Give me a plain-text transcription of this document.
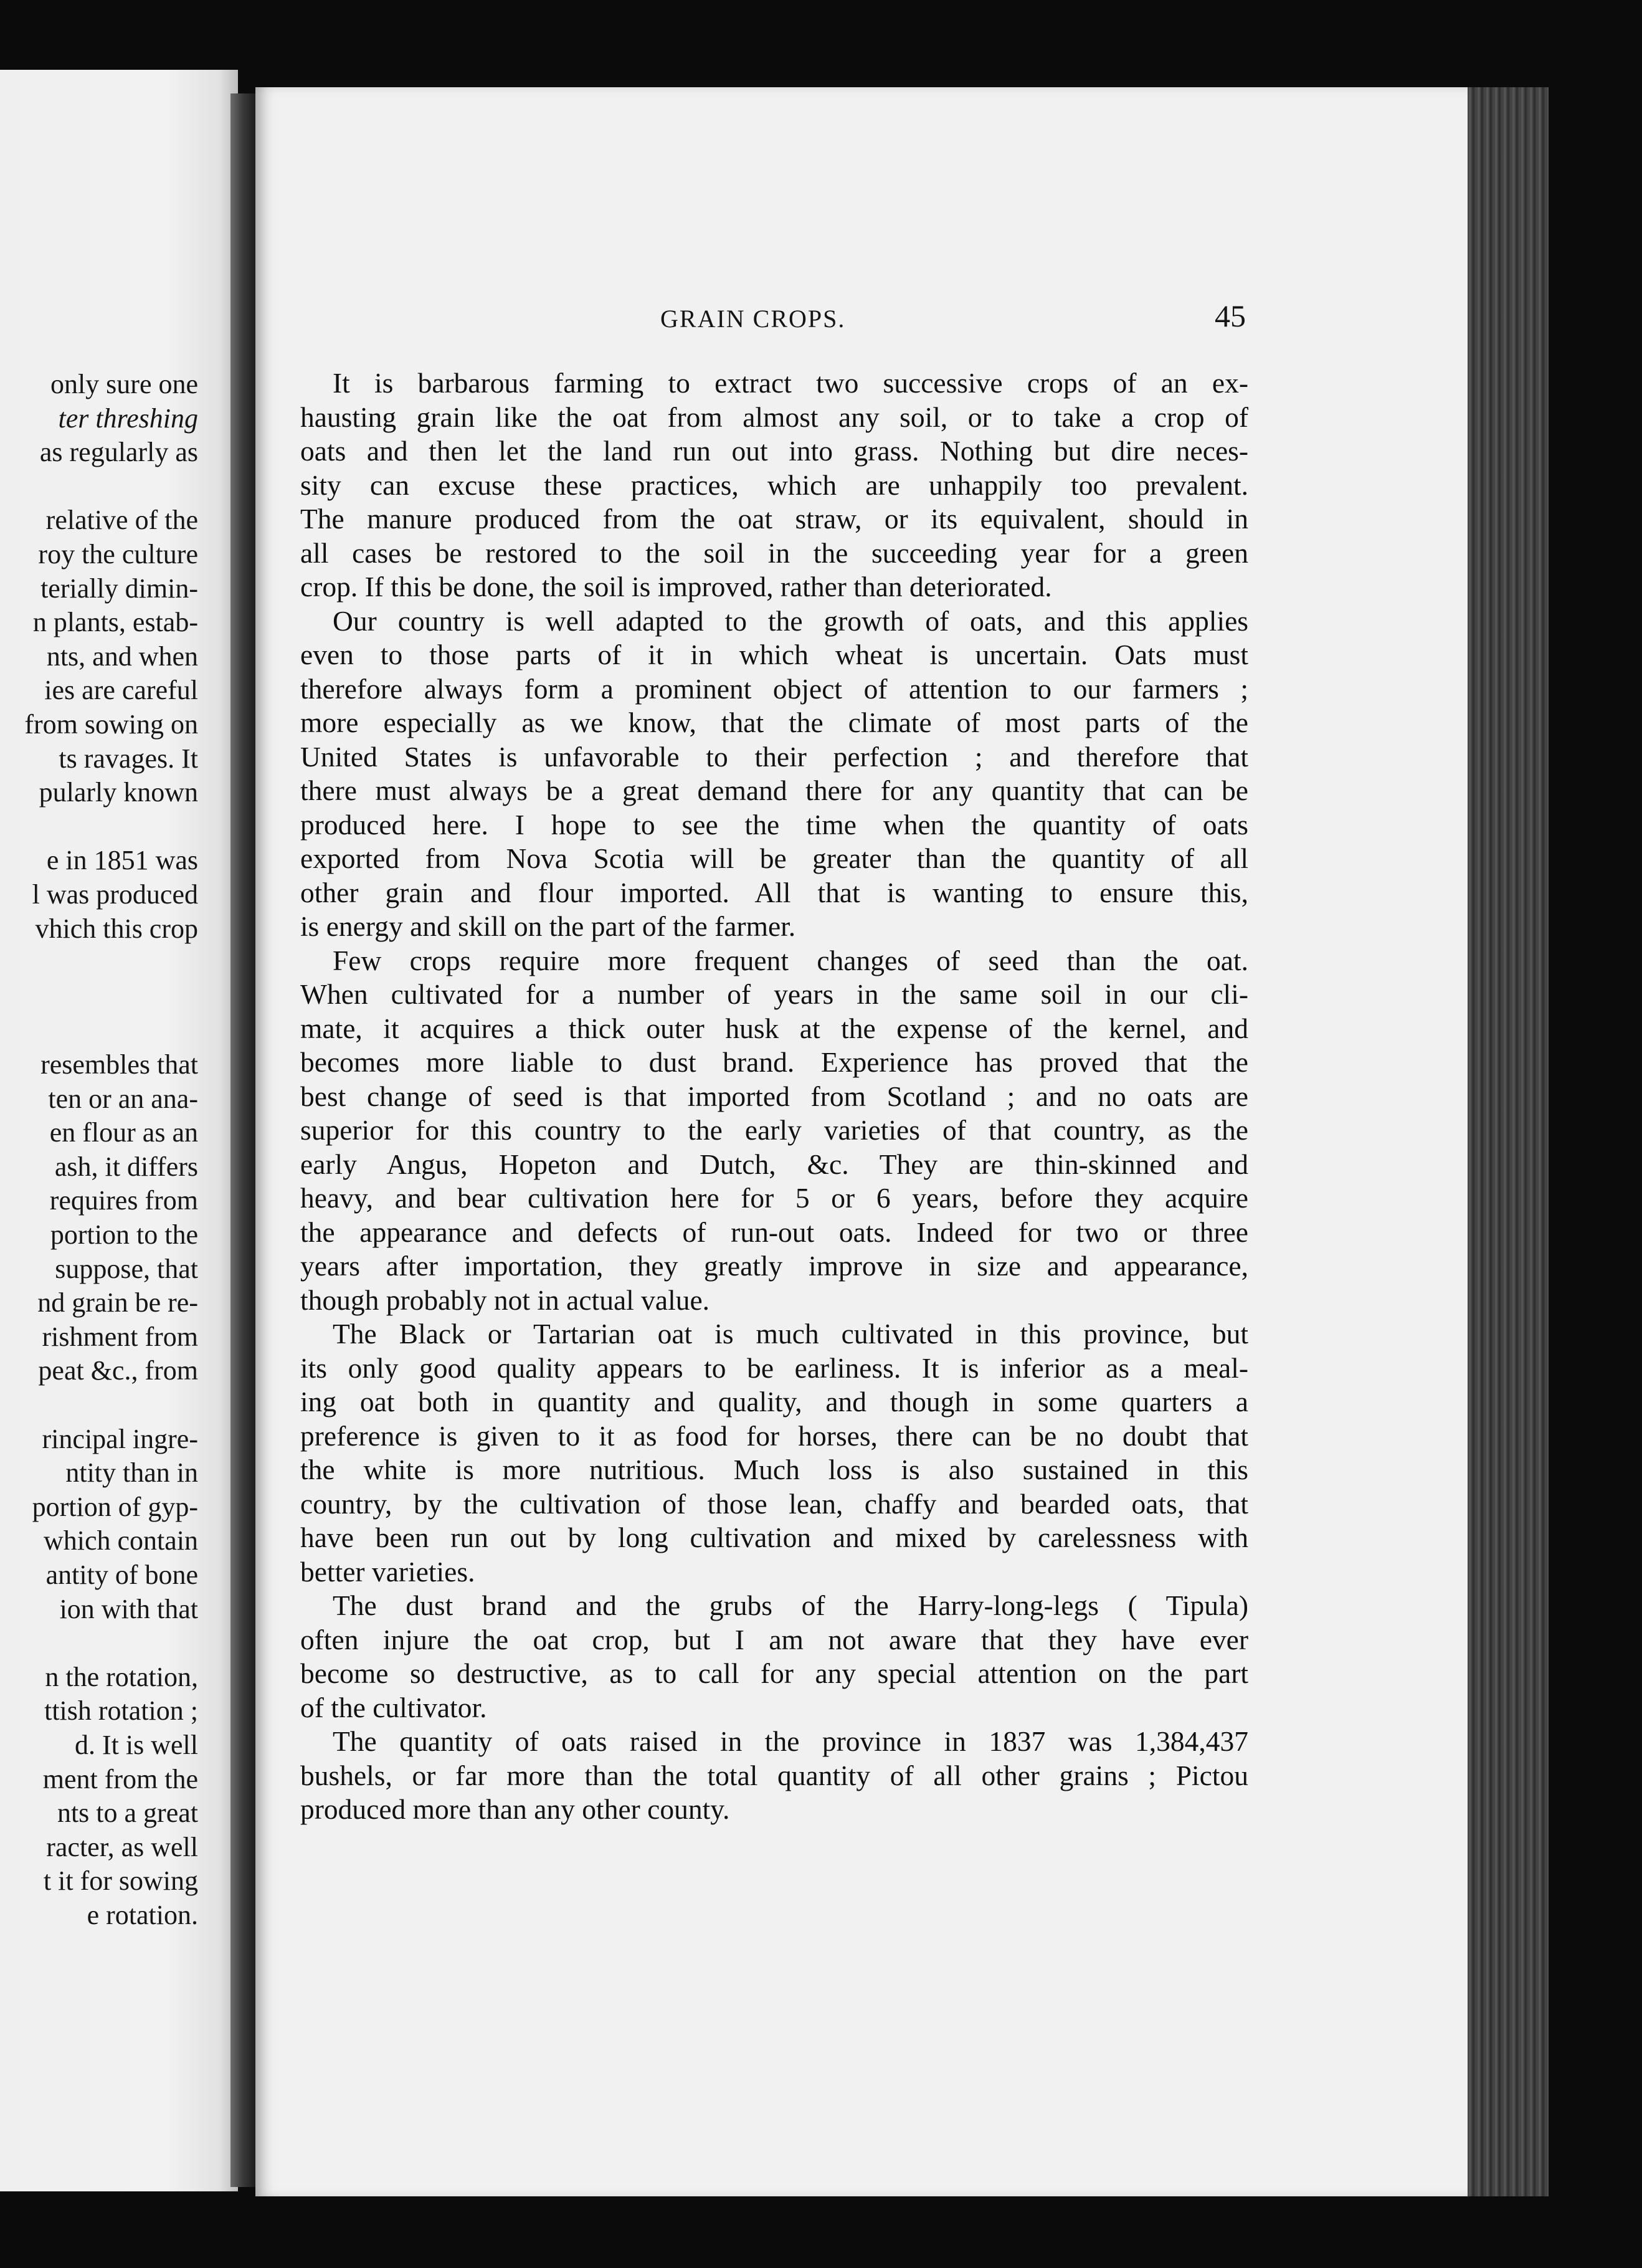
only sure one
ter threshing
as regularly as
relative of the
roy the culture
terially dimin-
n plants, estab-
nts, and when
ies are careful
from sowing on
ts ravages. It
pularly known
e in 1851 was
l was produced
vhich this crop
resembles that
ten or an ana-
en flour as an
ash, it differs
requires from
portion to the
suppose, that
nd grain be re-
rishment from
peat &c., from
rincipal ingre-
ntity than in
portion of gyp-
which contain
antity of bone
ion with that
n the rotation,
ttish rotation ;
d. It is well
ment from the
nts to a great
racter, as well
t it for sowing
e rotation.
GRAIN CROPS.	45
It is barbarous farming to extract two successive crops of an ex-
hausting grain like the oat from almost any soil, or to take a crop of
oats and then let the land run out into grass. Nothing but dire neces-
sity can excuse these practices, which are unhappily too prevalent.
The manure produced from the oat straw, or its equivalent, should in
all cases be restored to the soil in the succeeding year for a green
crop. If this be done, the soil is improved, rather than deteriorated.
Our country is well adapted to the growth of oats, and this applies
even to those parts of it in which wheat is uncertain. Oats must
therefore always form a prominent object of attention to our farmers ;
more especially as we know, that the climate of most parts of the
United States is unfavorable to their perfection ; and therefore that
there must always be a great demand there for any quantity that can be
produced here. I hope to see the time when the quantity of oats
exported from Nova Scotia will be greater than the quantity of all
other grain and flour imported. All that is wanting to ensure this,
is energy and skill on the part of the farmer.
Few crops require more frequent changes of seed than the oat.
When cultivated for a number of years in the same soil in our cli-
mate, it acquires a thick outer husk at the expense of the kernel, and
becomes more liable to dust brand. Experience has proved that the
best change of seed is that imported from Scotland ; and no oats are
superior for this country to the early varieties of that country, as the
early Angus, Hopeton and Dutch, &c. They are thin-skinned and
heavy, and bear cultivation here for 5 or 6 years, before they acquire
the appearance and defects of run-out oats. Indeed for two or three
years after importation, they greatly improve in size and appearance,
though probably not in actual value.
The Black or Tartarian oat is much cultivated in this province, but
its only good quality appears to be earliness. It is inferior as a meal-
ing oat both in quantity and quality, and though in some quarters a
preference is given to it as food for horses, there can be no doubt that
the white is more nutritious. Much loss is also sustained in this
country, by the cultivation of those lean, chaffy and bearded oats, that
have been run out by long cultivation and mixed by carelessness with
better varieties.
The dust brand and the grubs of the Harry-long-legs ( Tipula)
often injure the oat crop, but I am not aware that they have ever
become so destructive, as to call for any special attention on the part
of the cultivator.
The quantity of oats raised in the province in 1837 was 1,384,437
bushels, or far more than the total quantity of all other grains ; Pictou
produced more than any other county.
